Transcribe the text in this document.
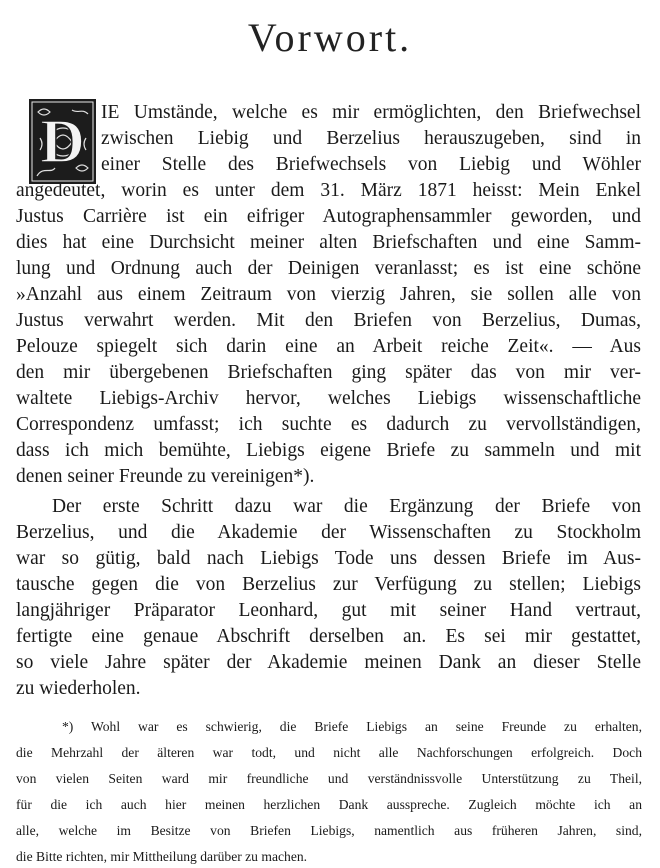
Vorwort.
D IE Umstände, welche es mir ermöglichten, den Briefwechsel
zwischen Liebig und Berzelius herauszugeben, sind in
einer Stelle des Briefwechsels von Liebig und Wöhler
angedeutet, worin es unter dem 31. März 1871 heisst: Mein Enkel
Justus Carrière ist ein eifriger Autographensammler geworden, und
dies hat eine Durchsicht meiner alten Briefschaften und eine Samm-
lung und Ordnung auch der Deinigen veranlasst; es ist eine schöne
»Anzahl aus einem Zeitraum von vierzig Jahren, sie sollen alle von
Justus verwahrt werden. Mit den Briefen von Berzelius, Dumas,
Pelouze spiegelt sich darin eine an Arbeit reiche Zeit«. — Aus
den mir übergebenen Briefschaften ging später das von mir ver-
waltete Liebigs-Archiv hervor, welches Liebigs wissenschaftliche
Correspondenz umfasst; ich suchte es dadurch zu vervollständigen,
dass ich mich bemühte, Liebigs eigene Briefe zu sammeln und mit
denen seiner Freunde zu vereinigen*).
Der erste Schritt dazu war die Ergänzung der Briefe von
Berzelius, und die Akademie der Wissenschaften zu Stockholm
war so gütig, bald nach Liebigs Tode uns dessen Briefe im Aus-
tausche gegen die von Berzelius zur Verfügung zu stellen; Liebigs
langjähriger Präparator Leonhard, gut mit seiner Hand vertraut,
fertigte eine genaue Abschrift derselben an. Es sei mir gestattet,
so viele Jahre später der Akademie meinen Dank an dieser Stelle
zu wiederholen.
*) Wohl war es schwierig, die Briefe Liebigs an seine Freunde zu erhalten,
die Mehrzahl der älteren war todt, und nicht alle Nachforschungen erfolgreich. Doch
von vielen Seiten ward mir freundliche und verständnissvolle Unterstützung zu Theil,
für die ich auch hier meinen herzlichen Dank ausspreche. Zugleich möchte ich an
alle, welche im Besitze von Briefen Liebigs, namentlich aus früheren Jahren, sind,
die Bitte richten, mir Mittheilung darüber zu machen.
